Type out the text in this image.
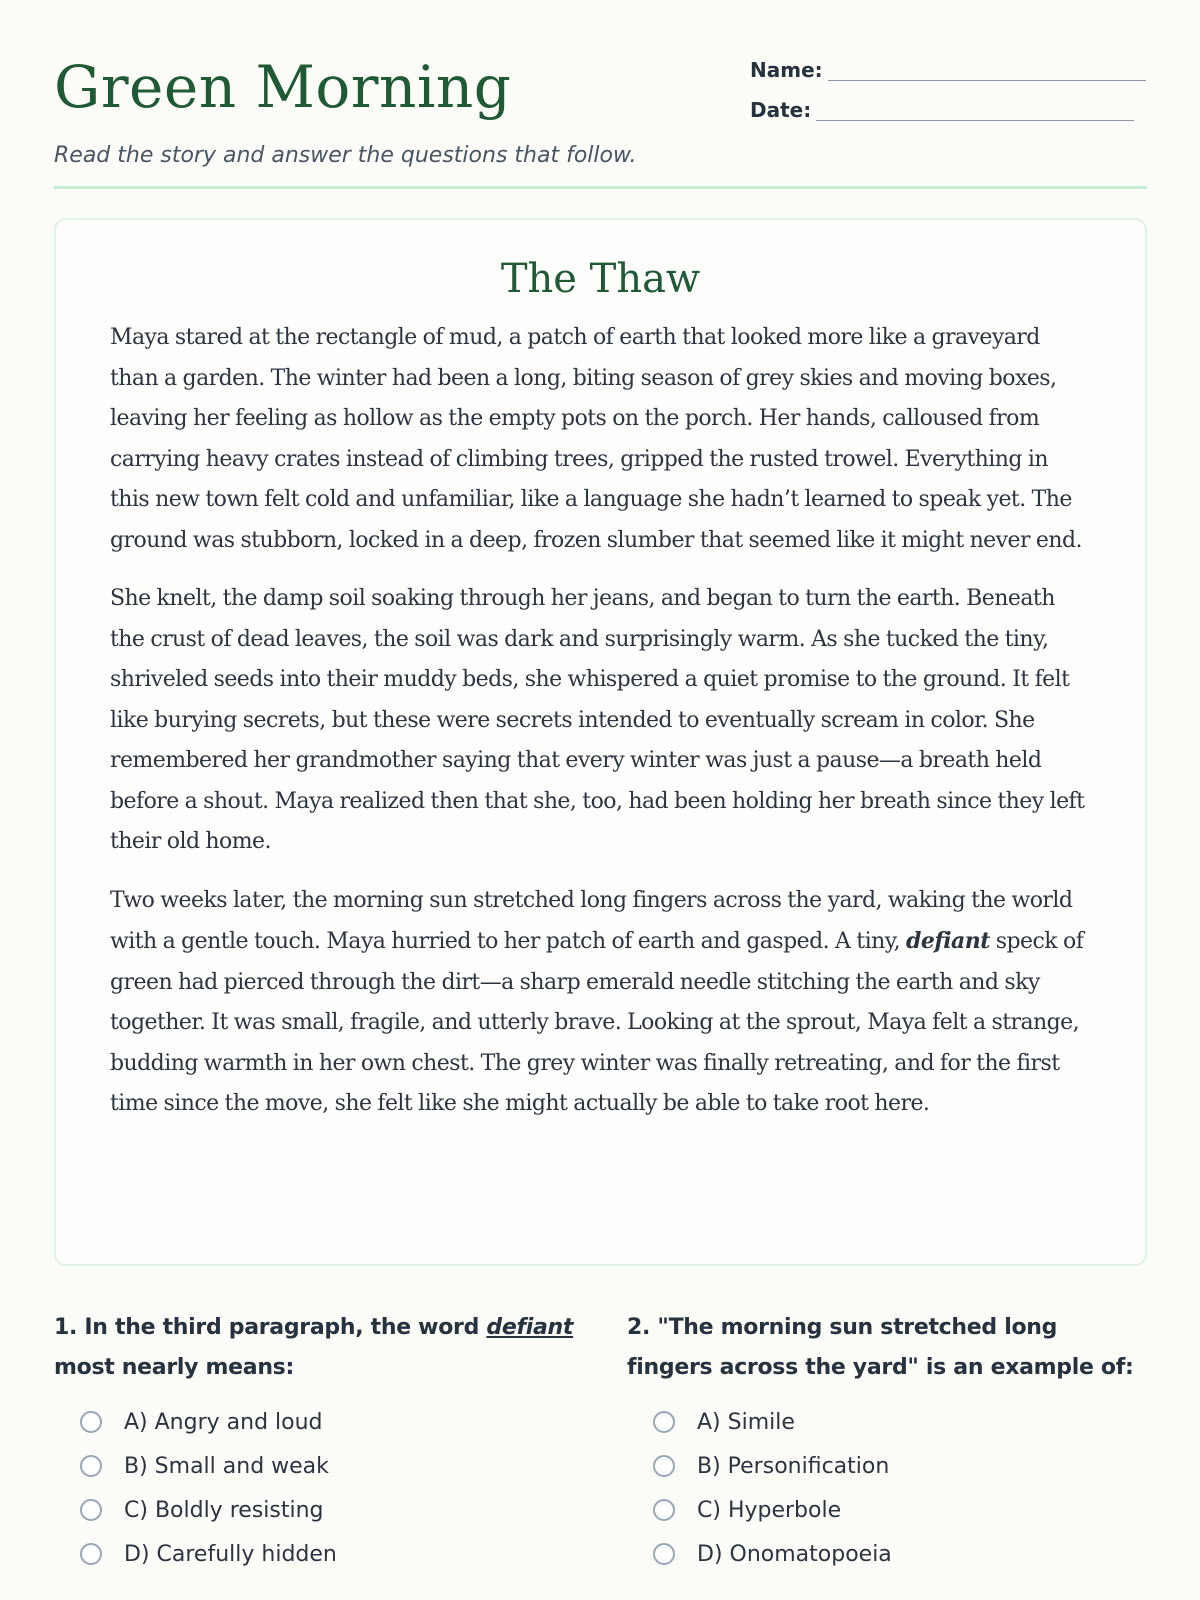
Green Morning

Read the story and answer the questions that follow.

Name:
Date:
The Thaw

Maya stared at the rectangle of mud, a patch of earth that looked more like a graveyard than a garden. The winter had been a long, biting season of grey skies and moving boxes, leaving her feeling as hollow as the empty pots on the porch. Her hands, calloused from carrying heavy crates instead of climbing trees, gripped the rusted trowel. Everything in this new town felt cold and unfamiliar, like a language she hadn’t learned to speak yet. The ground was stubborn, locked in a deep, frozen slumber that seemed like it might never end.

She knelt, the damp soil soaking through her jeans, and began to turn the earth. Beneath the crust of dead leaves, the soil was dark and surprisingly warm. As she tucked the tiny, shriveled seeds into their muddy beds, she whispered a quiet promise to the ground. It felt like burying secrets, but these were secrets intended to eventually scream in color. She remembered her grandmother saying that every winter was just a pause—a breath held before a shout. Maya realized then that she, too, had been holding her breath since they left their old home.

Two weeks later, the morning sun stretched long fingers across the yard, waking the world with a gentle touch. Maya hurried to her patch of earth and gasped. A tiny, defiant speck of green had pierced through the dirt—a sharp emerald needle stitching the earth and sky together. It was small, fragile, and utterly brave. Looking at the sprout, Maya felt a strange, budding warmth in her own chest. The grey winter was finally retreating, and for the first time since the move, she felt like she might actually be able to take root here.

1. In the third paragraph, the word defiant most nearly means:

A) Angry and loud
B) Small and weak
C) Boldly resisting
D) Carefully hidden

2. "The morning sun stretched long fingers across the yard" is an example of:

A) Simile
B) Personification
C) Hyperbole
D) Onomatopoeia
